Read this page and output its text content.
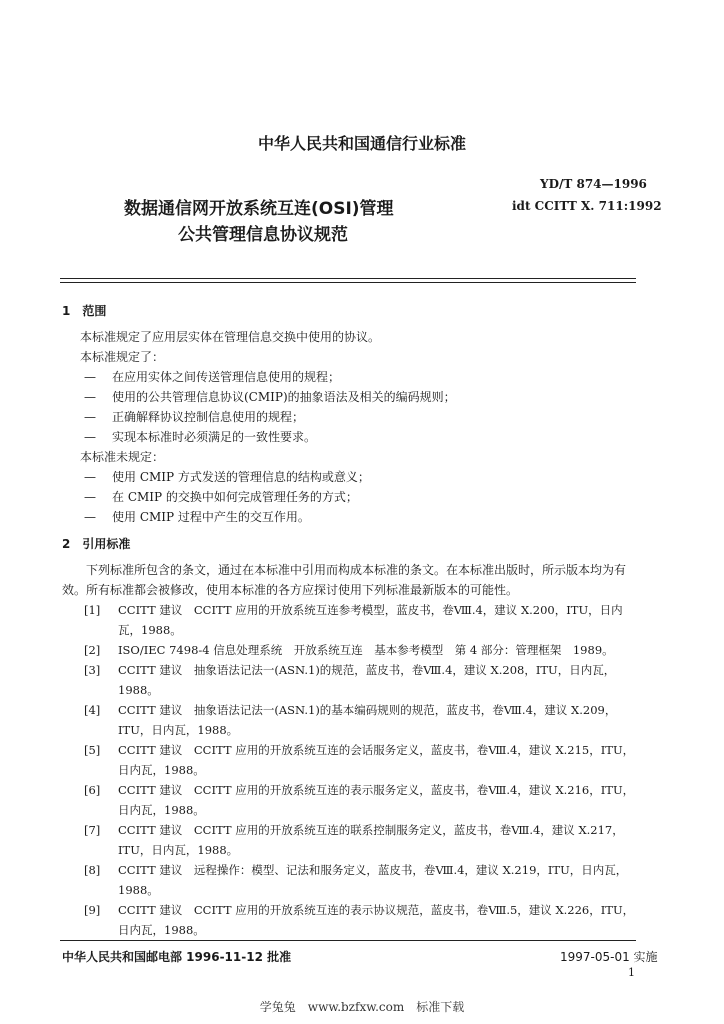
中华人民共和国通信行业标准
YD/T 874—1996
数据通信网开放系统互连(OSI)管理	idt CCITT X. 711:1992
公共管理信息协议规范
1　范围
本标准规定了应用层实体在管理信息交换中使用的协议。
本标准规定了：
— 在应用实体之间传送管理信息使用的规程；
— 使用的公共管理信息协议(CMIP)的抽象语法及相关的编码规则；
— 正确解释协议控制信息使用的规程；
— 实现本标准时必须满足的一致性要求。
本标准未规定：
— 使用 CMIP 方式发送的管理信息的结构或意义；
— 在 CMIP 的交换中如何完成管理任务的方式；
— 使用 CMIP 过程中产生的交互作用。
2　引用标准
下列标准所包含的条文，通过在本标准中引用而构成本标准的条文。在本标准出版时，所示版本均为有效。所有标准都会被修改，使用本标准的各方应探讨使用下列标准最新版本的可能性。
[1] CCITT 建议　CCITT 应用的开放系统互连参考模型，蓝皮书，卷Ⅷ.4，建议 X.200，ITU，日内瓦，1988。
[2] ISO/IEC 7498-4 信息处理系统　开放系统互连　基本参考模型　第 4 部分：管理框架　1989。
[3] CCITT 建议　抽象语法记法一(ASN.1)的规范，蓝皮书，卷Ⅷ.4，建议 X.208，ITU，日内瓦，1988。
[4] CCITT 建议　抽象语法记法一(ASN.1)的基本编码规则的规范，蓝皮书，卷Ⅷ.4，建议 X.209，ITU，日内瓦，1988。
[5] CCITT 建议　CCITT 应用的开放系统互连的会话服务定义，蓝皮书，卷Ⅷ.4，建议 X.215，ITU，日内瓦，1988。
[6] CCITT 建议　CCITT 应用的开放系统互连的表示服务定义，蓝皮书，卷Ⅷ.4，建议 X.216，ITU，日内瓦，1988。
[7] CCITT 建议　CCITT 应用的开放系统互连的联系控制服务定义，蓝皮书，卷Ⅷ.4，建议 X.217，ITU，日内瓦，1988。
[8] CCITT 建议　远程操作：模型、记法和服务定义，蓝皮书，卷Ⅷ.4，建议 X.219，ITU，日内瓦，1988。
[9] CCITT 建议　CCITT 应用的开放系统互连的表示协议规范，蓝皮书，卷Ⅷ.5，建议 X.226，ITU，日内瓦，1988。
中华人民共和国邮电部 1996-11-12 批准	1997-05-01 实施
1
学兔兔　www.bzfxw.com　标准下载
